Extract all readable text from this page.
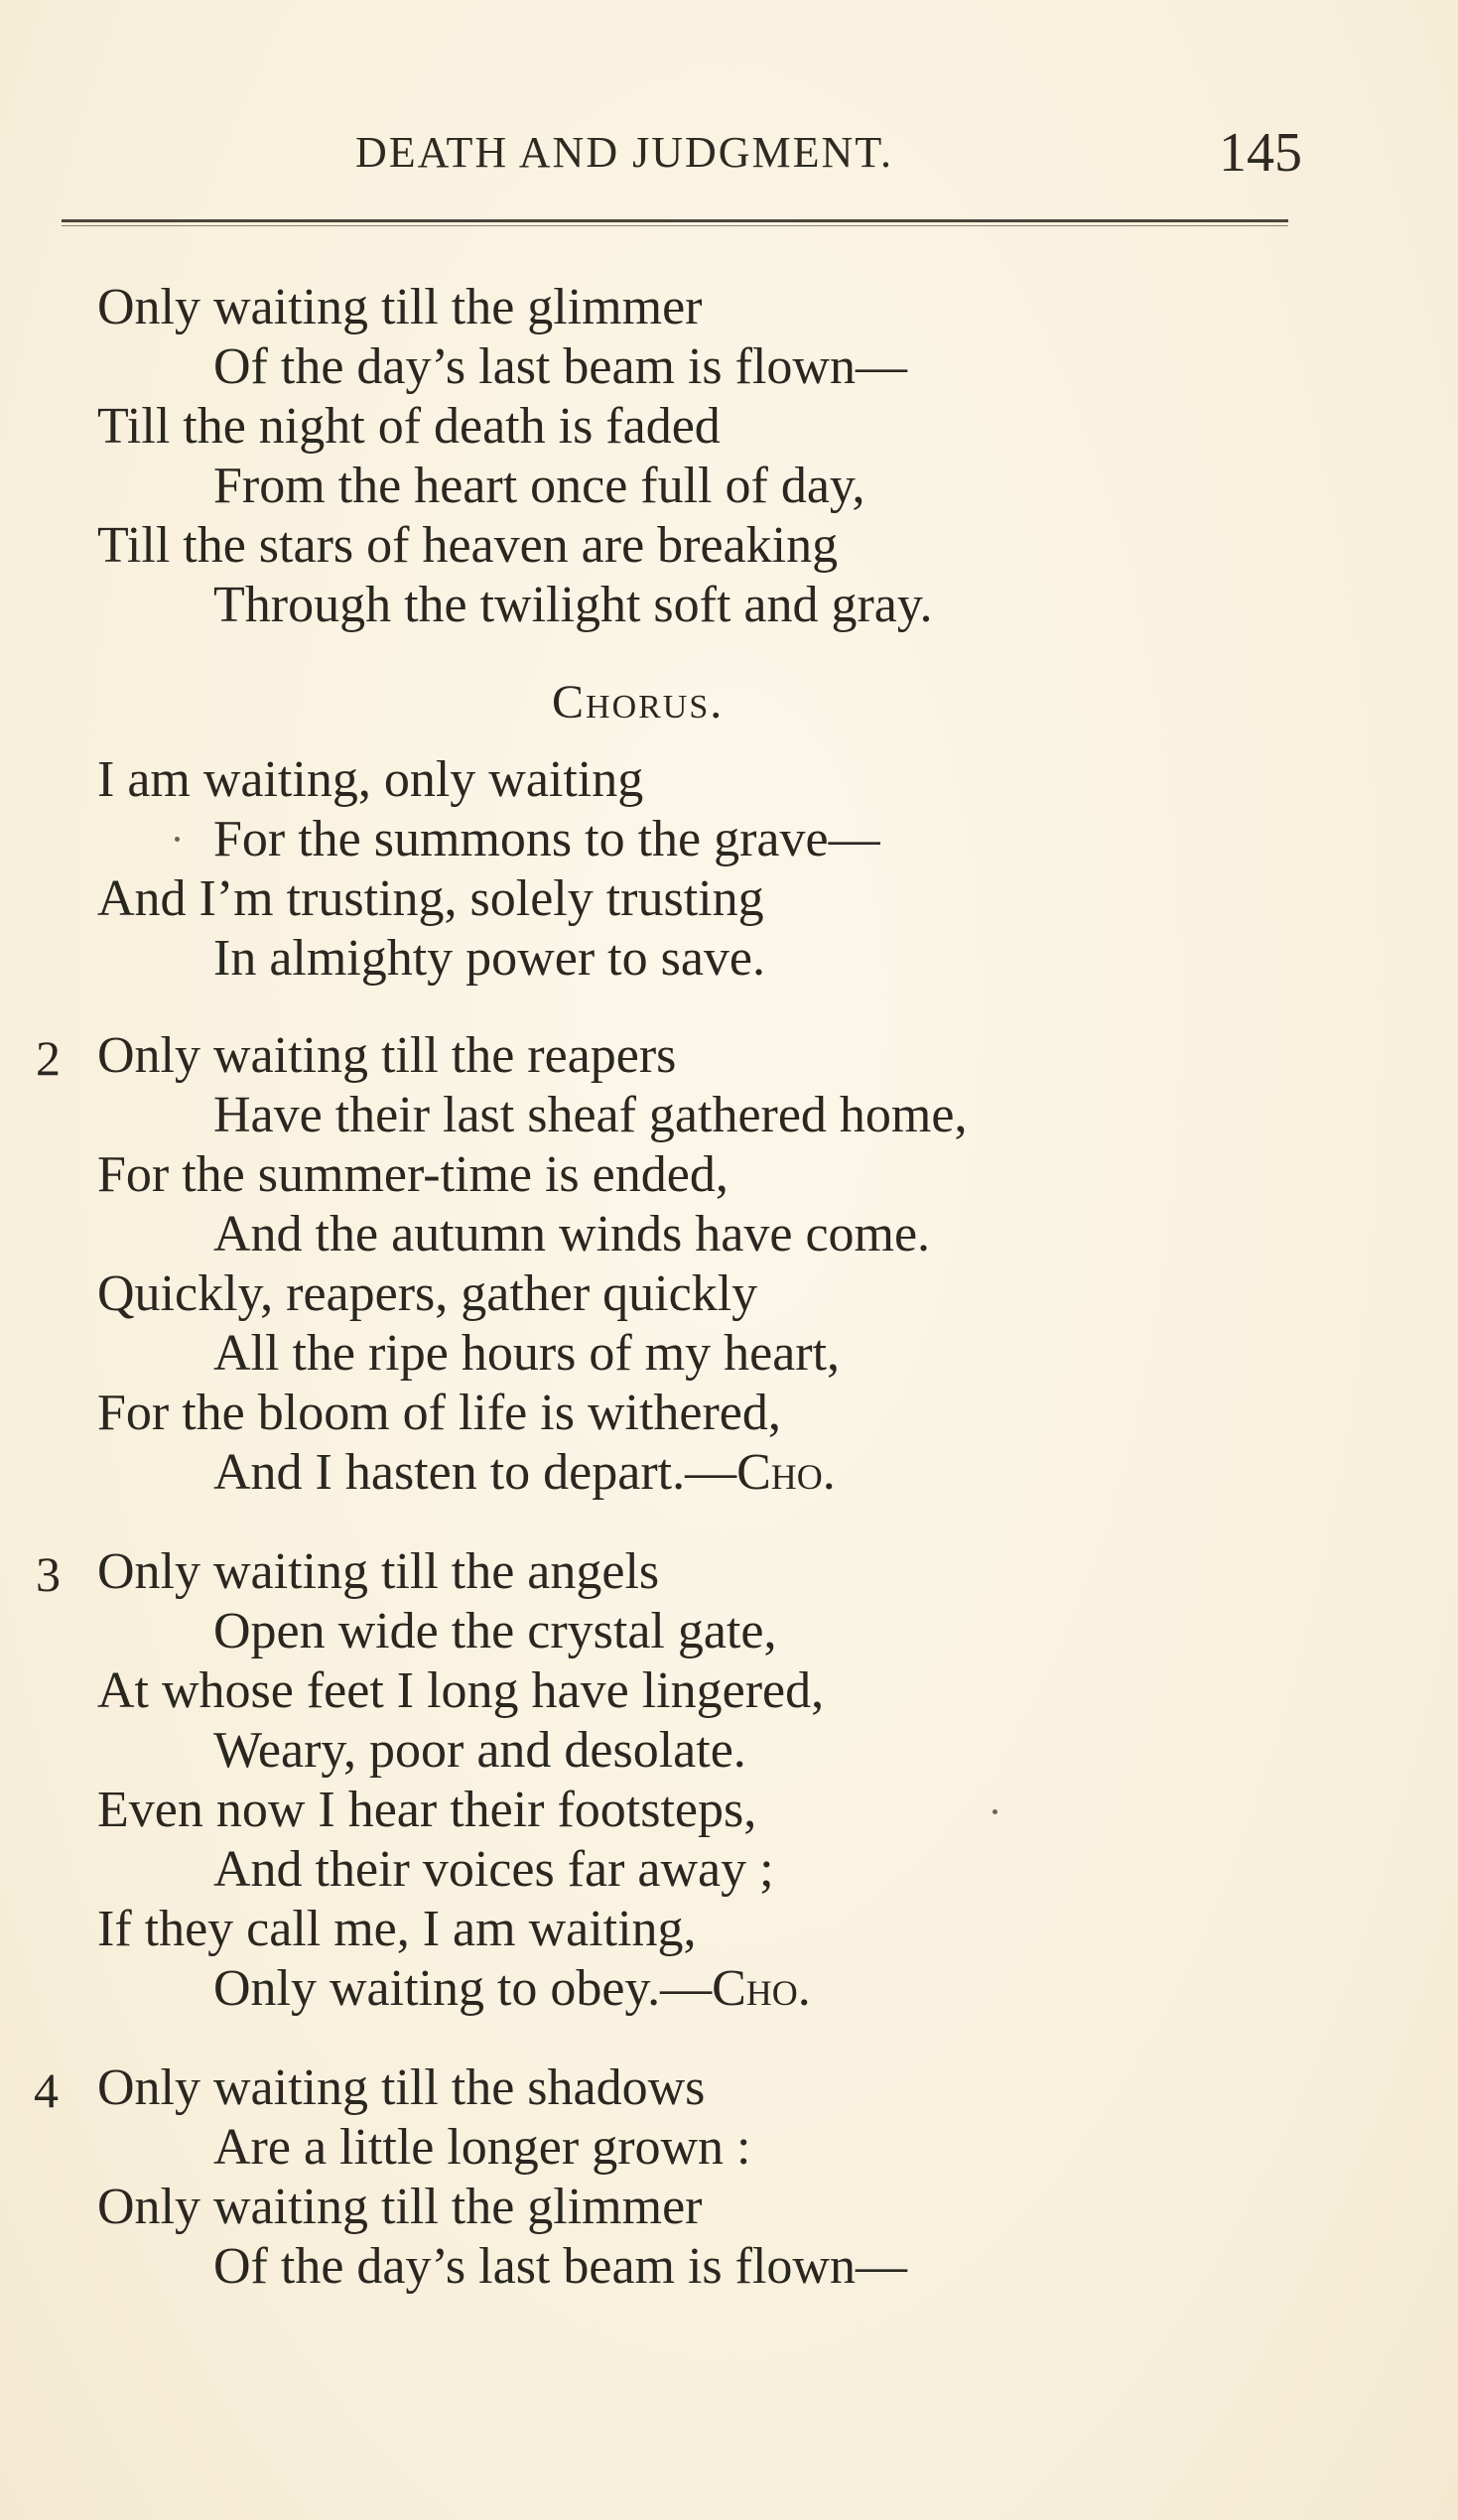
DEATH AND JUDGMENT.	145
Only waiting till the glimmer
Of the day’s last beam is flown—
Till the night of death is faded
From the heart once full of day,
Till the stars of heaven are breaking
Through the twilight soft and gray.
Chorus.
I am waiting, only waiting
For the summons to the grave—
And I’m trusting, solely trusting
In almighty power to save.
2 Only waiting till the reapers
Have their last sheaf gathered home,
For the summer-time is ended,
And the autumn winds have come.
Quickly, reapers, gather quickly
All the ripe hours of my heart,
For the bloom of life is withered,
And I hasten to depart.—Cho.
3 Only waiting till the angels
Open wide the crystal gate,
At whose feet I long have lingered,
Weary, poor and desolate.
Even now I hear their footsteps,
And their voices far away ;
If they call me, I am waiting,
Only waiting to obey.—Cho.
4 Only waiting till the shadows
Are a little longer grown :
Only waiting till the glimmer
Of the day’s last beam is flown—
